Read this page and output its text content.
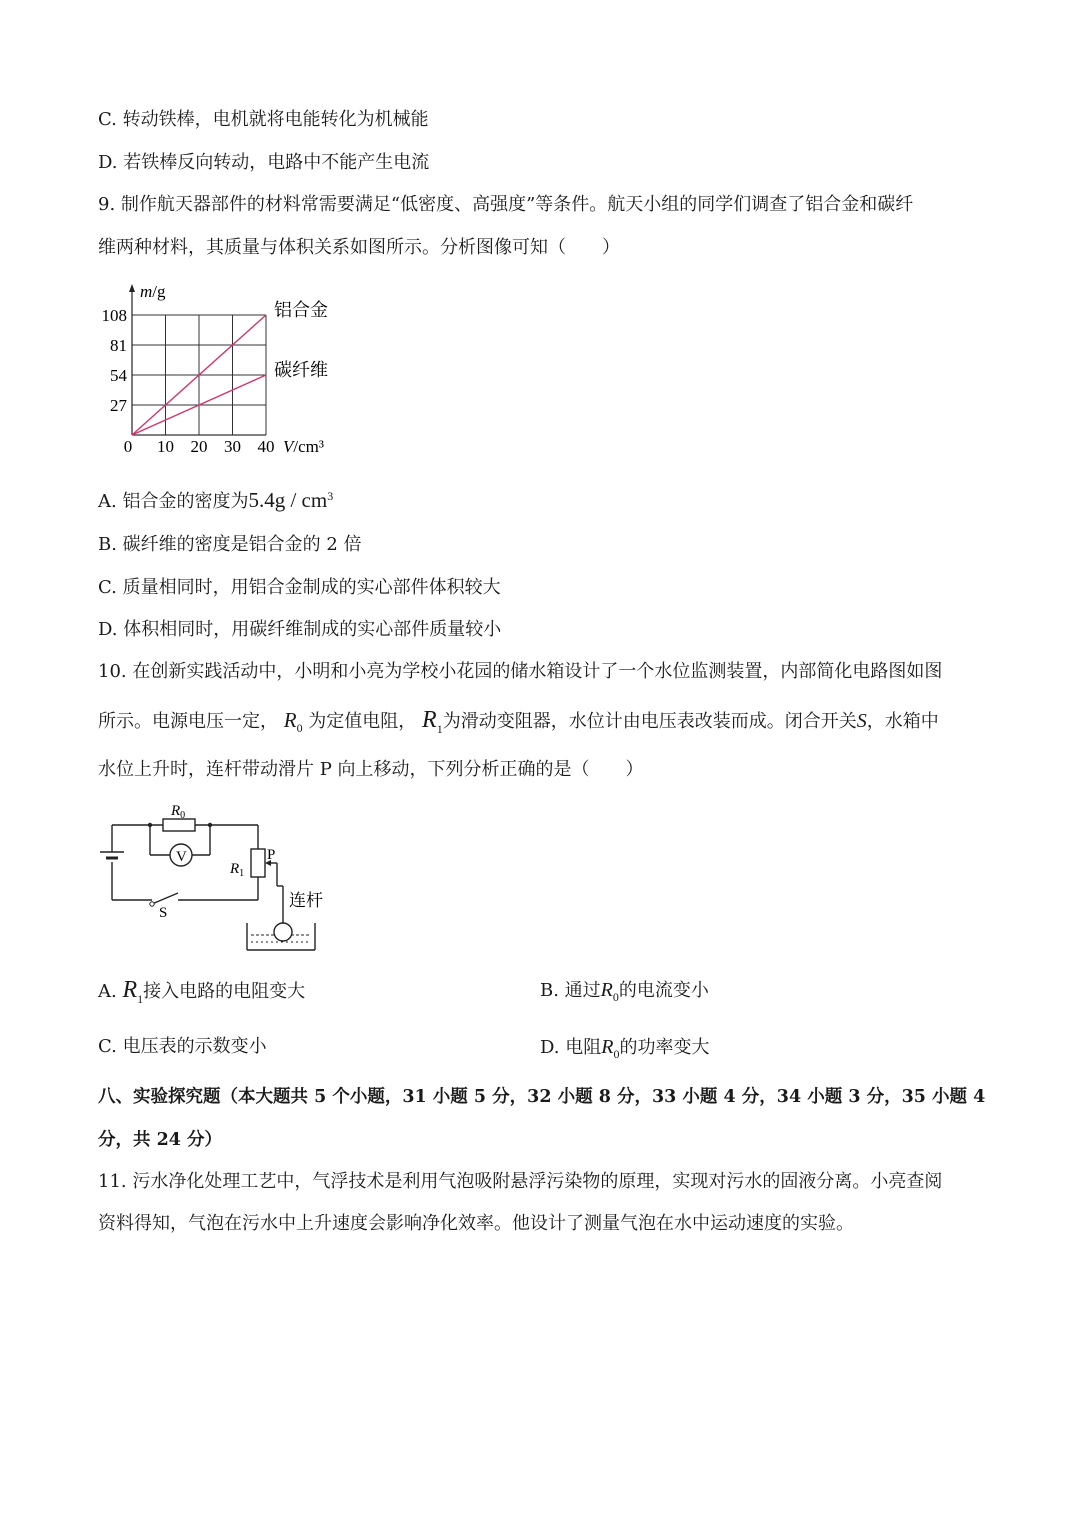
C. 转动铁棒，电机就将电能转化为机械能
D. 若铁棒反向转动，电路中不能产生电流
9. 制作航天器部件的材料常需要满足“低密度、高强度”等条件。航天小组的同学们调查了铝合金和碳纤
维两种材料，其质量与体积关系如图所示。分析图像可知（　　）
铝合金
碳纤维
27
54
81
108
0 10 20 30 40 V/cm³
m/g
A. 铝合金的密度为$5.4g / cm^3$
B. 碳纤维的密度是铝合金的 2 倍
C. 质量相同时，用铝合金制成的实心部件体积较大
D. 体积相同时，用碳纤维制成的实心部件质量较小
10. 在创新实践活动中，小明和小亮为学校小花园的储水箱设计了一个水位监测装置，内部简化电路图如图
所示。电源电压一定， $R_0$ 为定值电阻， $R_1$为滑动变阻器，水位计由电压表改装而成。闭合开关S，水箱中
水位上升时，连杆带动滑片 P 向上移动，下列分析正确的是（　　）
$R_0$
V
$R_1$
P
S
连杆
A. $R_1$接入电路的电阻变大	B. 通过$R_0$的电流变小
C. 电压表的示数变小	D. 电阻$R_0$的功率变大
八、实验探究题（本大题共 5 个小题，31 小题 5 分，32 小题 8 分，33 小题 4 分，34 小题 3 分，35 小题 4
分，共 24 分）
11. 污水净化处理工艺中，气浮技术是利用气泡吸附悬浮污染物的原理，实现对污水的固液分离。小亮查阅
资料得知，气泡在污水中上升速度会影响净化效率。他设计了测量气泡在水中运动速度的实验。
